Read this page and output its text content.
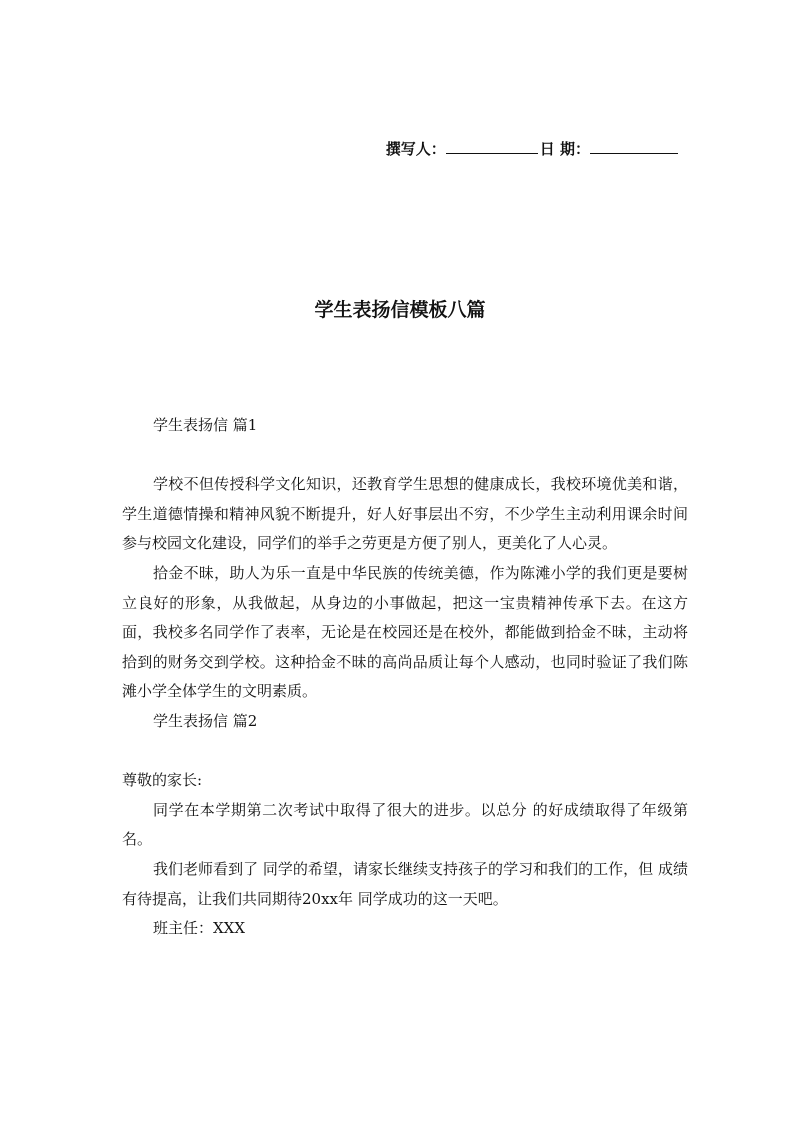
撰写人：	日 期：
学生表扬信模板八篇

学生表扬信 篇1

学校不但传授科学文化知识，还教育学生思想的健康成长，我校环境优美和谐，学生道德情操和精神风貌不断提升，好人好事层出不穷，不少学生主动利用课余时间参与校园文化建设，同学们的举手之劳更是方便了别人，更美化了人心灵。

拾金不昧，助人为乐一直是中华民族的传统美德，作为陈滩小学的我们更是要树立良好的形象，从我做起，从身边的小事做起，把这一宝贵精神传承下去。在这方面，我校多名同学作了表率，无论是在校园还是在校外，都能做到拾金不昧，主动将拾到的财务交到学校。这种拾金不昧的高尚品质让每个人感动，也同时验证了我们陈滩小学全体学生的文明素质。

学生表扬信 篇2

尊敬的家长:

同学在本学期第二次考试中取得了很大的进步。以总分 的好成绩取得了年级第 名。

我们老师看到了 同学的希望，请家长继续支持孩子的学习和我们的工作，但 成绩有待提高，让我们共同期待20xx年 同学成功的这一天吧。

班主任：XXX
